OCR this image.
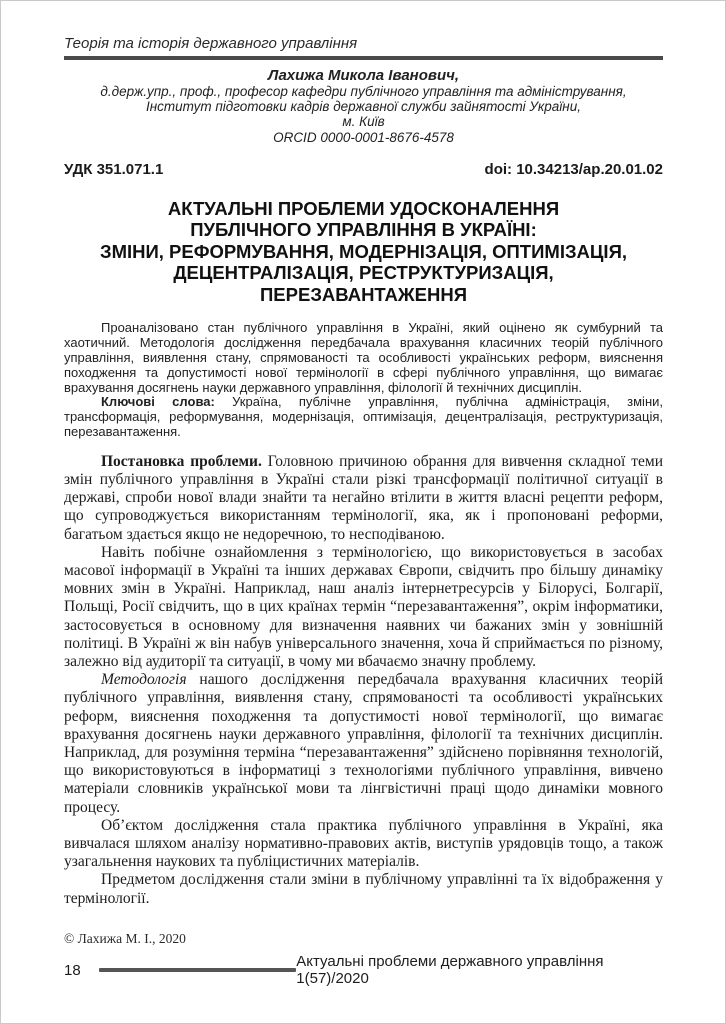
Теорія та історія державного управління
Лахижа Микола Іванович,
д.держ.упр., проф., професор кафедри публічного управління та адміністрування,
Інститут підготовки кадрів державної служби зайнятості України,
м. Київ
ORCID 0000-0001-8676-4578
УДК 351.071.1	doi: 10.34213/ap.20.01.02
АКТУАЛЬНІ ПРОБЛЕМИ УДОСКОНАЛЕННЯ
ПУБЛІЧНОГО УПРАВЛІННЯ В УКРАЇНІ:
ЗМІНИ, РЕФОРМУВАННЯ, МОДЕРНІЗАЦІЯ, ОПТИМІЗАЦІЯ,
ДЕЦЕНТРАЛІЗАЦІЯ, РЕСТРУКТУРИЗАЦІЯ,
ПЕРЕЗАВАНТАЖЕННЯ

Проаналізовано стан публічного управління в Україні, який оцінено як сумбурний та хаотичний. Методологія дослідження передбачала врахування класичних теорій публічного управління, виявлення стану, спрямованості та особливості українських реформ, вияснення походження та допустимості нової термінології в сфері публічного управління, що вимагає врахування досягнень науки державного управління, філології й технічних дисциплін.

Ключові слова: Україна, публічне управління, публічна адміністрація, зміни, трансформація, реформування, модернізація, оптимізація, децентралізація, реструктуризація, перезавантаження.

Постановка проблеми. Головною причиною обрання для вивчення складної теми змін публічного управління в Україні стали різкі трансформації політичної ситуації в державі, спроби нової влади знайти та негайно втілити в життя власні рецепти реформ, що супроводжується використанням термінології, яка, як і пропоновані реформи, багатьом здається якщо не недоречною, то несподіваною.

Навіть побічне ознайомлення з термінологією, що використовується в засобах масової інформації в Україні та інших державах Європи, свідчить про більшу динаміку мовних змін в Україні. Наприклад, наш аналіз інтернетресурсів у Білорусі, Болгарії, Польщі, Росії свідчить, що в цих країнах термін “перезавантаження”, окрім інформатики, застосовується в основному для визначення наявних чи бажаних змін у зовнішній політиці. В Україні ж він набув універсального значення, хоча й сприймається по різному, залежно від аудиторії та ситуації, в чому ми вбачаємо значну проблему.

Методологія нашого дослідження передбачала врахування класичних теорій публічного управління, виявлення стану, спрямованості та особливості українських реформ, вияснення походження та допустимості нової термінології, що вимагає врахування досягнень науки державного управління, філології та технічних дисциплін. Наприклад, для розуміння терміна “перезавантаження” здійснено порівняння технологій, що використовуються в інформатиці з технологіями публічного управління, вивчено матеріали словників української мови та лінгвістичні праці щодо динаміки мовного процесу.

Об’єктом дослідження стала практика публічного управління в Україні, яка вивчалася шляхом аналізу нормативно-правових актів, виступів урядовців тощо, а також узагальнення наукових та публіцистичних матеріалів.

Предметом дослідження стали зміни в публічному управлінні та їх відображення у термінології.

© Лахижа М. І., 2020
18	Актуальні проблеми державного управління 1(57)/2020
